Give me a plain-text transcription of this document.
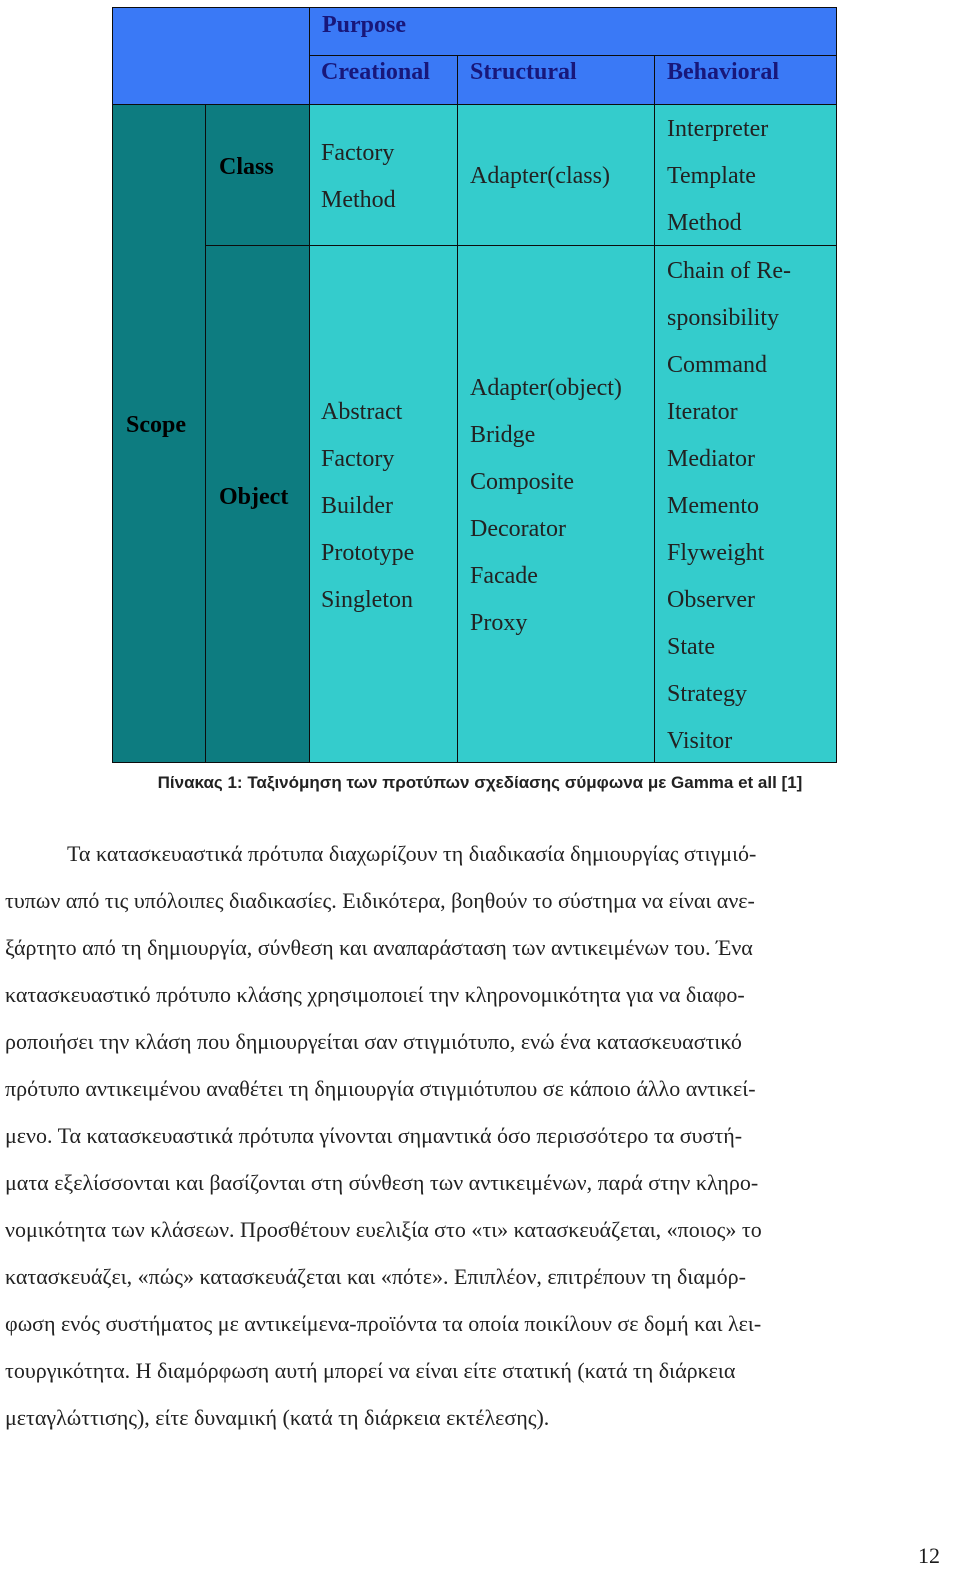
Purpose
Creational Structural	Behavioral
Scope
Class
Object
Factory
Method
Adapter(class)
Interpreter
Template
Method
Abstract
Factory
Builder
Prototype
Singleton
Adapter(object)
Bridge
Composite
Decorator
Facade
Proxy
Chain of Re-
sponsibility
Command
Iterator
Mediator
Memento
Flyweight
Observer
State
Strategy
Visitor
Πίνακας 1: Ταξινόμηση των προτύπων σχεδίασης σύμφωνα με Gamma et all [1]
Τα κατασκευαστικά πρότυπα διαχωρίζουν τη διαδικασία δημιουργίας στιγμιό-
τυπων από τις υπόλοιπες διαδικασίες. Ειδικότερα, βοηθούν το σύστημα να είναι ανε-
ξάρτητο από τη δημιουργία, σύνθεση και αναπαράσταση των αντικειμένων του. Ένα
κατασκευαστικό πρότυπο κλάσης χρησιμοποιεί την κληρονομικότητα για να διαφο-
ροποιήσει την κλάση που δημιουργείται σαν στιγμιότυπο, ενώ ένα κατασκευαστικό
πρότυπο αντικειμένου αναθέτει τη δημιουργία στιγμιότυπου σε κάποιο άλλο αντικεί-
μενο. Τα κατασκευαστικά πρότυπα γίνονται σημαντικά όσο περισσότερο τα συστή-
ματα εξελίσσονται και βασίζονται στη σύνθεση των αντικειμένων, παρά στην κληρο-
νομικότητα των κλάσεων. Προσθέτουν ευελιξία στο «τι» κατασκευάζεται, «ποιος» το
κατασκευάζει, «πώς» κατασκευάζεται και «πότε». Επιπλέον, επιτρέπουν τη διαμόρ-
φωση ενός συστήματος με αντικείμενα-προϊόντα τα οποία ποικίλουν σε δομή και λει-
τουργικότητα. Η διαμόρφωση αυτή μπορεί να είναι είτε στατική (κατά τη διάρκεια
μεταγλώττισης), είτε δυναμική (κατά τη διάρκεια εκτέλεσης).
12
